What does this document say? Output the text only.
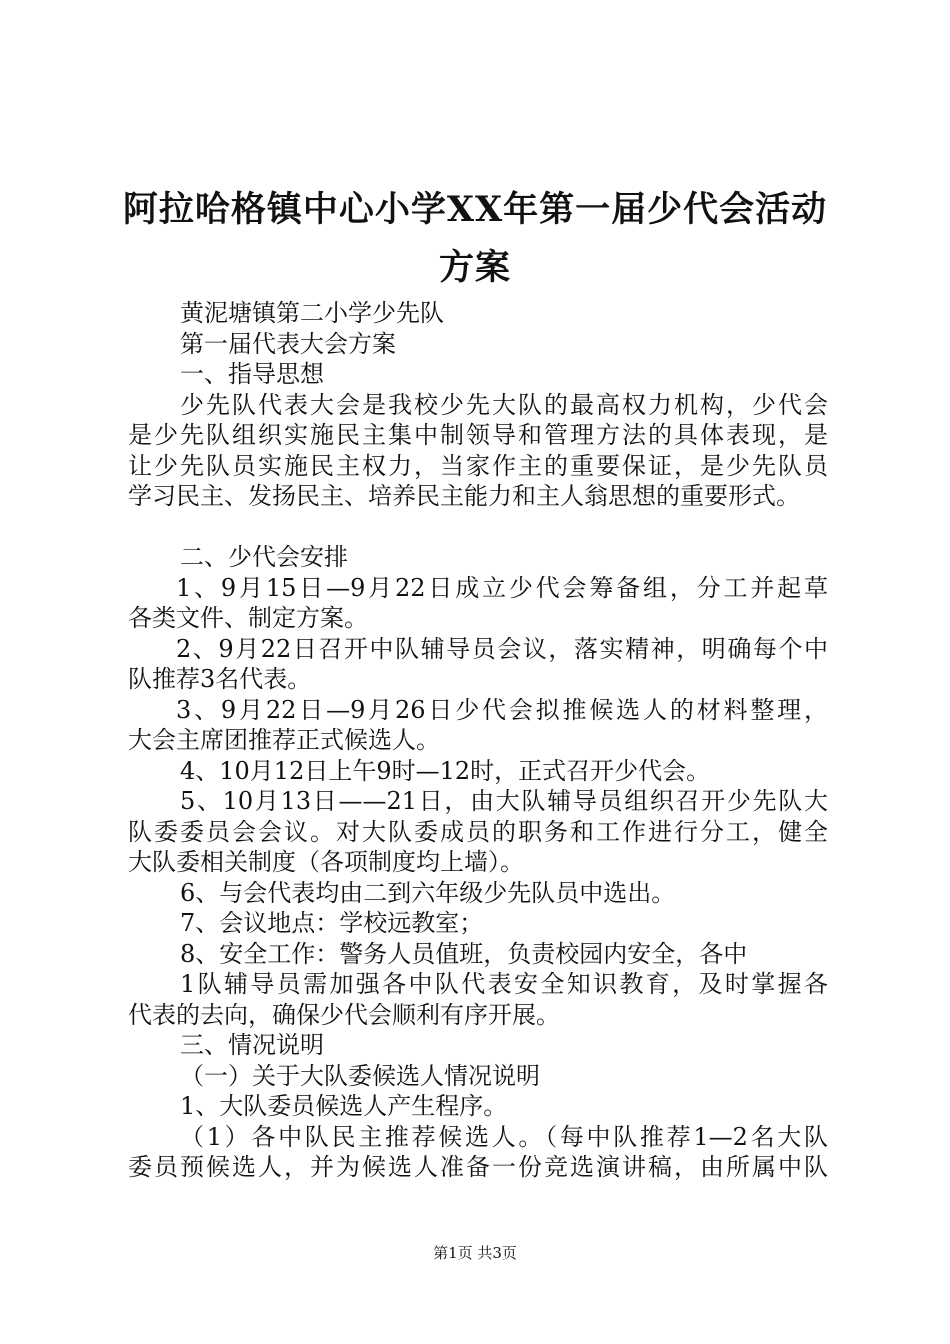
阿拉哈格镇中心小学XX年第一届少代会活动
方案
黄泥塘镇第二小学少先队
第一届代表大会方案
一、指导思想
少先队代表大会是我校少先大队的最高权力机构，少代会
是少先队组织实施民主集中制领导和管理方法的具体表现，是
让少先队员实施民主权力，当家作主的重要保证，是少先队员
学习民主、发扬民主、培养民主能力和主人翁思想的重要形式。
二、少代会安排
1、9月15日—9月22日成立少代会筹备组，分工并起草
各类文件、制定方案。
2、9月22日召开中队辅导员会议，落实精神，明确每个中
队推荐3名代表。
3、9月22日—9月26日少代会拟推候选人的材料整理，
大会主席团推荐正式候选人。
4、10月12日上午9时—12时，正式召开少代会。
5、10月13日——21日，由大队辅导员组织召开少先队大
队委委员会会议。对大队委成员的职务和工作进行分工，健全
大队委相关制度（各项制度均上墙）。
6、与会代表均由二到六年级少先队员中选出。
7、会议地点：学校远教室；
8、安全工作：警务人员值班，负责校园内安全，各中
1队辅导员需加强各中队代表安全知识教育，及时掌握各
代表的去向，确保少代会顺利有序开展。
三、情况说明
（一）关于大队委候选人情况说明
1、大队委员候选人产生程序。
（1）各中队民主推荐候选人。（每中队推荐1—2名大队
委员预候选人，并为候选人准备一份竞选演讲稿，由所属中队
第1页 共3页
